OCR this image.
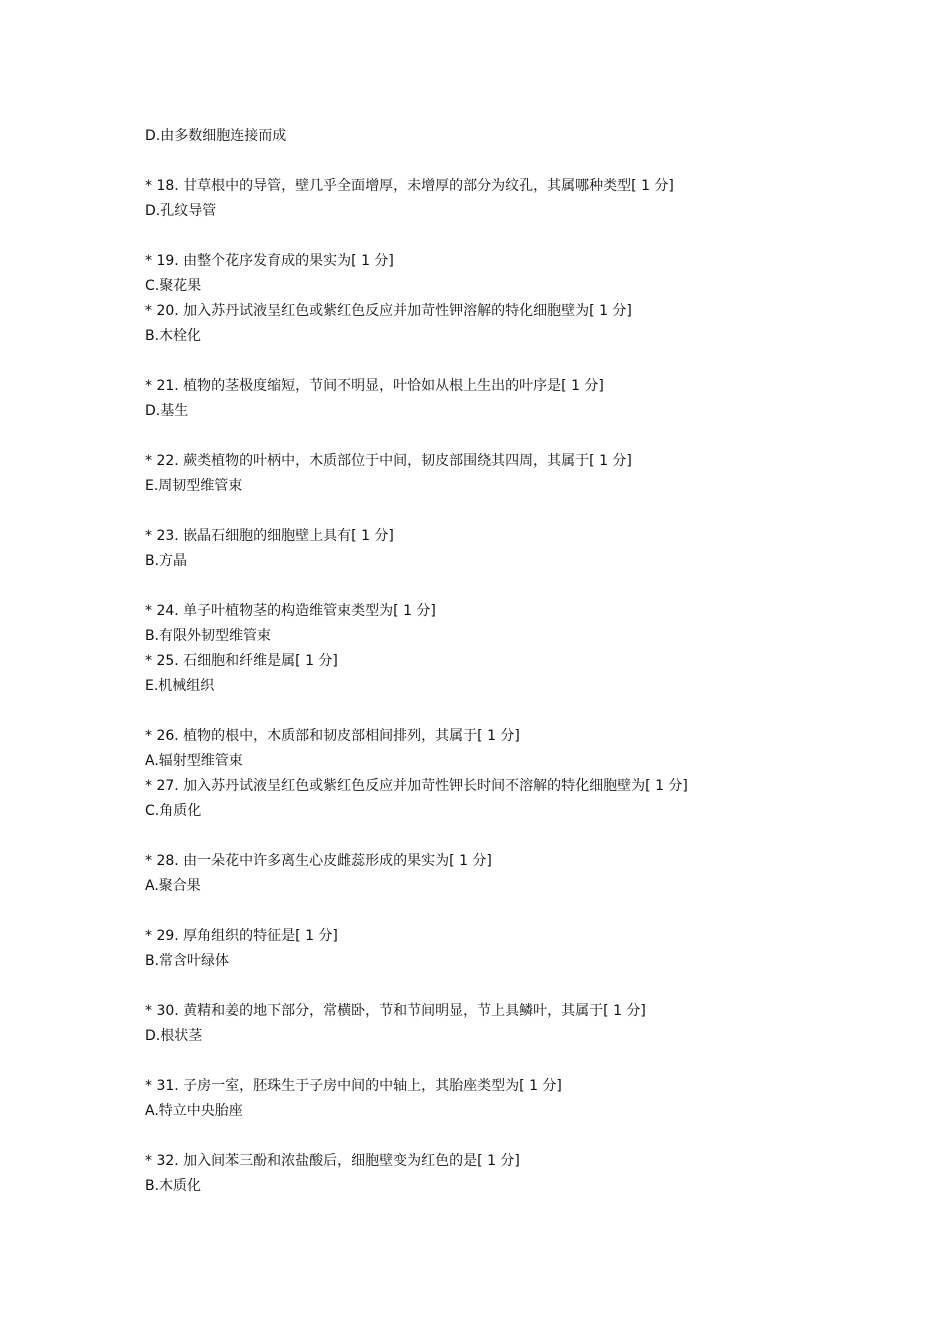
D.由多数细胞连接而成
* 18. 甘草根中的导管，壁几乎全面增厚，未增厚的部分为纹孔，其属哪种类型[ 1 分]
D.孔纹导管
* 19. 由整个花序发育成的果实为[ 1 分]
C.聚花果
* 20. 加入苏丹试液呈红色或紫红色反应并加苛性钾溶解的特化细胞壁为[ 1 分]
B.木栓化
* 21. 植物的茎极度缩短，节间不明显，叶恰如从根上生出的叶序是[ 1 分]
D.基生
* 22. 蕨类植物的叶柄中，木质部位于中间，韧皮部围绕其四周，其属于[ 1 分]
E.周韧型维管束
* 23. 嵌晶石细胞的细胞壁上具有[ 1 分]
B.方晶
* 24. 单子叶植物茎的构造维管束类型为[ 1 分]
B.有限外韧型维管束
* 25. 石细胞和纤维是属[ 1 分]
E.机械组织
* 26. 植物的根中，木质部和韧皮部相间排列，其属于[ 1 分]
A.辐射型维管束
* 27. 加入苏丹试液呈红色或紫红色反应并加苛性钾长时间不溶解的特化细胞壁为[ 1 分]
C.角质化
* 28. 由一朵花中许多离生心皮雌蕊形成的果实为[ 1 分]
A.聚合果
* 29. 厚角组织的特征是[ 1 分]
B.常含叶绿体
* 30. 黄精和姜的地下部分，常横卧，节和节间明显，节上具鳞叶，其属于[ 1 分]
D.根状茎
* 31. 子房一室，胚珠生于子房中间的中轴上，其胎座类型为[ 1 分]
A.特立中央胎座
* 32. 加入间苯三酚和浓盐酸后，细胞壁变为红色的是[ 1 分]
B.木质化
